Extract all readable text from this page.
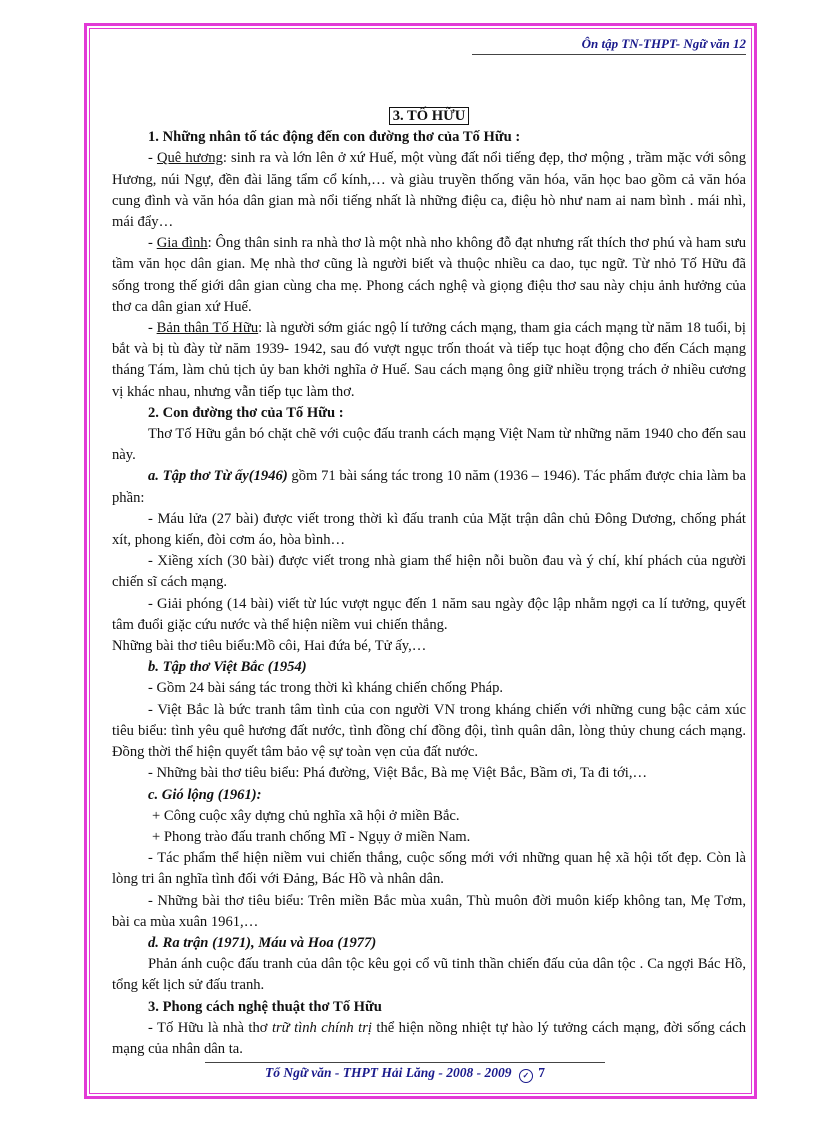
Ôn tập TN-THPT- Ngữ văn 12

3. TỐ HỮU

1. Những nhân tố tác động đến con đường thơ của Tố Hữu :

- Quê hương: sinh ra và lớn lên ở xứ Huế, một vùng đất nổi tiếng đẹp, thơ mộng , trầm mặc với sông Hương, núi Ngự, đền đài lăng tẩm cổ kính,… và giàu truyền thống văn hóa, văn học bao gồm cả văn hóa cung đình và văn hóa dân gian mà nổi tiếng nhất là những điệu ca, điệu hò như nam ai nam bình . mái nhì, mái đẩy…

- Gia đình: Ông thân sinh ra nhà thơ là một nhà nho không đỗ đạt nhưng rất thích thơ phú và ham sưu tầm văn học dân gian. Mẹ nhà thơ cũng là người biết và thuộc nhiều ca dao, tục ngữ. Từ nhỏ Tố Hữu đã sống trong thế giới dân gian cùng cha mẹ. Phong cách nghệ và giọng điệu thơ sau này chịu ảnh hưởng của thơ ca dân gian xứ Huế.

- Bản thân Tố Hữu: là người sớm giác ngộ lí tưởng cách mạng, tham gia cách mạng từ năm 18 tuổi, bị bắt và bị tù đày từ năm 1939- 1942, sau đó vượt ngục trốn thoát và tiếp tục hoạt động cho đến Cách mạng tháng Tám, làm chủ tịch ủy ban khởi nghĩa ở Huế. Sau cách mạng ông giữ nhiều trọng trách ở nhiều cương vị khác nhau, nhưng vẫn tiếp tục làm thơ.

2. Con đường thơ của Tố Hữu :

Thơ Tố Hữu gắn bó chặt chẽ với cuộc đấu tranh cách mạng Việt Nam từ những năm 1940 cho đến sau này.

a. Tập thơ Từ ấy(1946) gồm 71 bài sáng tác trong 10 năm (1936 – 1946). Tác phẩm được chia làm ba phần:

- Máu lửa (27 bài) được viết trong thời kì đấu tranh của Mặt trận dân chủ Đông Dương, chống phát xít, phong kiến, đòi cơm áo, hòa bình…

- Xiềng xích (30 bài) được viết trong nhà giam thể hiện nỗi buồn đau và ý chí, khí phách của người chiến sĩ cách mạng.

- Giải phóng (14 bài) viết từ lúc vượt ngục đến 1 năm sau ngày độc lập nhằm ngợi ca lí tưởng, quyết tâm đuổi giặc cứu nước và thể hiện niềm vui chiến thắng.

Những bài thơ tiêu biểu:Mồ côi, Hai đứa bé, Tử ấy,…

b. Tập thơ Việt Bắc (1954)

- Gồm 24 bài sáng tác trong thời kì kháng chiến chống Pháp.

- Việt Bắc là bức tranh tâm tình của con người VN trong kháng chiến với những cung bậc cảm xúc tiêu biểu: tình yêu quê hương đất nước, tình đồng chí đồng đội, tình quân dân, lòng thủy chung cách mạng. Đồng thời thể hiện quyết tâm bảo vệ sự toàn vẹn của đất nước.

- Những bài thơ tiêu biểu: Phá đường, Việt Bắc, Bà mẹ Việt Bắc, Bầm ơi, Ta đi tới,…

c. Gió lộng (1961):

+ Công cuộc xây dựng chủ nghĩa xã hội ở miền Bắc.

+ Phong trào đấu tranh chống Mĩ - Ngụy ở miền Nam.

- Tác phẩm thể hiện niềm vui chiến thắng, cuộc sống mới với những quan hệ xã hội tốt đẹp. Còn là lòng tri ân nghĩa tình đối với Đảng, Bác Hồ và nhân dân.

- Những bài thơ tiêu biểu: Trên miền Bắc mùa xuân, Thù muôn đời muôn kiếp không tan, Mẹ Tơm, bài ca mùa xuân 1961,…

d. Ra trận (1971), Máu và Hoa (1977)

Phản ánh cuộc đấu tranh của dân tộc kêu gọi cổ vũ tinh thần chiến đấu của dân tộc . Ca ngợi Bác Hồ, tổng kết lịch sử đấu tranh.

3. Phong cách nghệ thuật thơ Tố Hữu

- Tố Hữu là nhà thơ trữ tình chính trị thể hiện nồng nhiệt tự hào lý tưởng cách mạng, đời sống cách mạng của nhân dân ta.

Tổ Ngữ văn - THPT Hải Lăng - 2008 - 2009 ✓ 7
